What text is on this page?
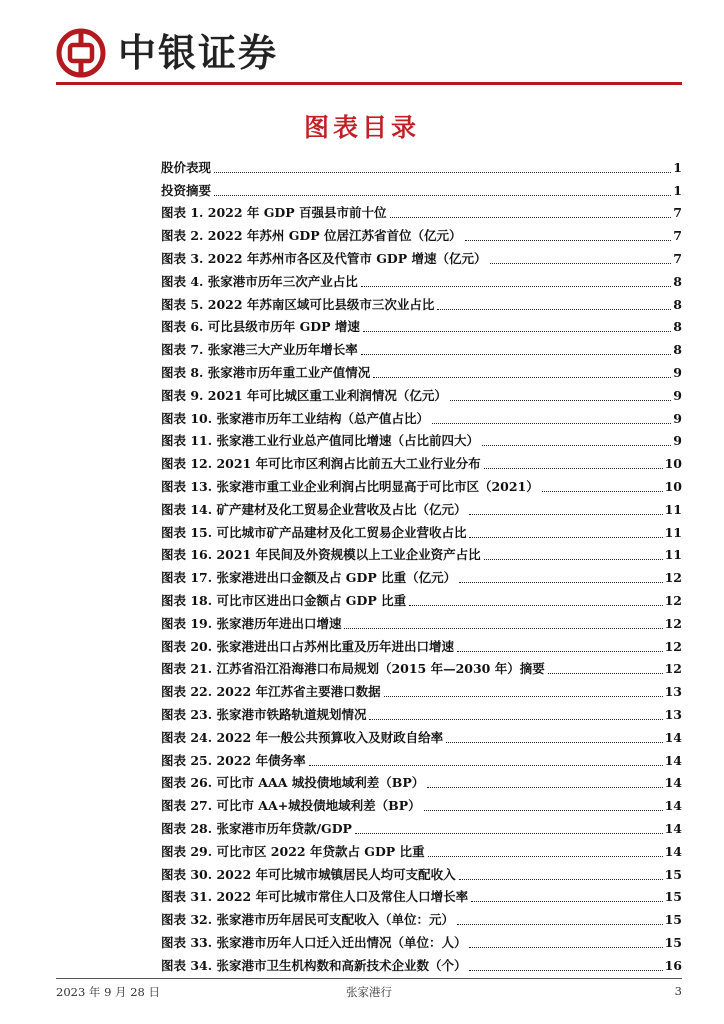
中银证券
图表目录
股价表现	1
投资摘要	1
图表 1. 2022 年 GDP 百强县市前十位	7
图表 2. 2022 年苏州 GDP 位居江苏省首位（亿元）	7
图表 3. 2022 年苏州市各区及代管市 GDP 增速（亿元）	7
图表 4. 张家港市历年三次产业占比	8
图表 5. 2022 年苏南区域可比县级市三次业占比	8
图表 6. 可比县级市历年 GDP 增速	8
图表 7. 张家港三大产业历年增长率	8
图表 8. 张家港市历年重工业产值情况	9
图表 9. 2021 年可比城区重工业利润情况（亿元）	9
图表 10. 张家港市历年工业结构（总产值占比）	9
图表 11. 张家港工业行业总产值同比增速（占比前四大）	9
图表 12. 2021 年可比市区利润占比前五大工业行业分布	10
图表 13. 张家港市重工业企业利润占比明显高于可比市区（2021）	10
图表 14. 矿产建材及化工贸易企业营收及占比（亿元）	11
图表 15. 可比城市矿产品建材及化工贸易企业营收占比	11
图表 16. 2021 年民间及外资规模以上工业企业资产占比	11
图表 17. 张家港进出口金额及占 GDP 比重（亿元）	12
图表 18. 可比市区进出口金额占 GDP 比重	12
图表 19. 张家港历年进出口增速	12
图表 20. 张家港进出口占苏州比重及历年进出口增速	12
图表 21. 江苏省沿江沿海港口布局规划（2015 年—2030 年）摘要	12
图表 22. 2022 年江苏省主要港口数据	13
图表 23. 张家港市铁路轨道规划情况	13
图表 24. 2022 年一般公共预算收入及财政自给率	14
图表 25. 2022 年债务率	14
图表 26. 可比市 AAA 城投债地域利差（BP）	14
图表 27. 可比市 AA+城投债地域利差（BP）	14
图表 28. 张家港市历年贷款/GDP	14
图表 29. 可比市区 2022 年贷款占 GDP 比重	14
图表 30. 2022 年可比城市城镇居民人均可支配收入	15
图表 31. 2022 年可比城市常住人口及常住人口增长率	15
图表 32. 张家港市历年居民可支配收入（单位：元）	15
图表 33. 张家港市历年人口迁入迁出情况（单位：人）	15
图表 34. 张家港市卫生机构数和高新技术企业数（个）	16
2023 年 9 月 28 日	张家港行	3
